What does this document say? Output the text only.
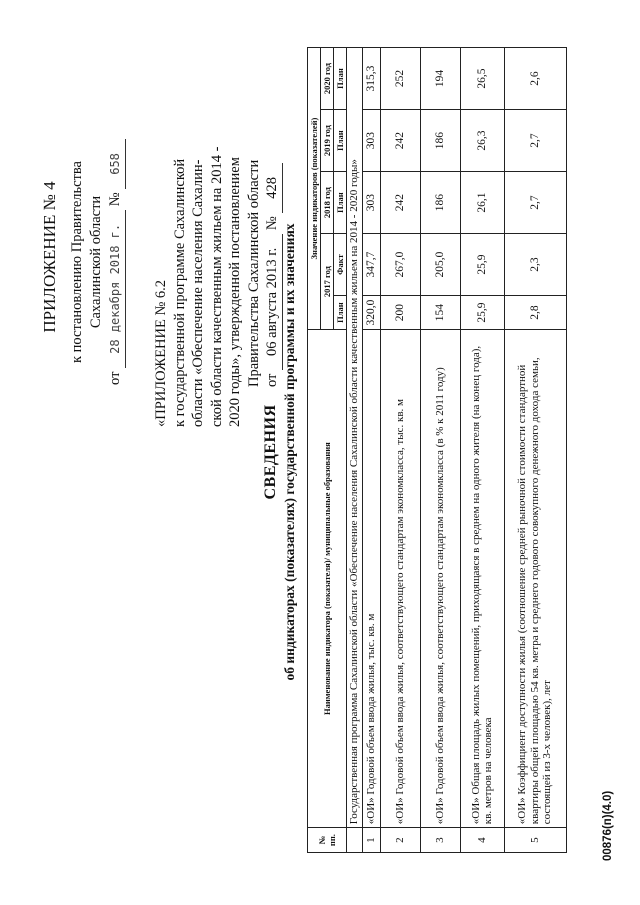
ПРИЛОЖЕНИЕ № 4 к постановлению Правительства Сахалинской области
от 28 декабря 2018 г. № 658
«ПРИЛОЖЕНИЕ № 6.2 к государственной программе Сахалинской области «Обеспечение населения Сахалин- ской области качественным жильем на 2014 - 2020 годы», утвержденной постановлением Правительства Сахалинской области от 06 августа 2013 г. № 428
СВЕДЕНИЯ об индикаторах (показателях) государственной программы и их значениях
№ пп.	Наименование индикатора (показателя)/ муниципальные образования	Значение индикаторов (показателей)				
		2017 год		2018 год	2019 год	2020 год
		План	Факт	План	План	План
	Государственная программа Сахалинской области «Обеспечение населения Сахалинской области качественным жильем на 2014 - 2020 годы»					
1	«ОИ» Годовой объем ввода жилья, тыс. кв. м	320,0	347,7	303	303	315,3
2	«ОИ» Годовой объем ввода жилья, соответствующего стандартам экономкласса, тыс. кв. м	200	267,0	242	242	252
3	«ОИ» Годовой объем ввода жилья, соответствующего стандартам экономкласса (в % к 2011 году)	154	205,0	186	186	194
4	«ОИ» Общая площадь жилых помещений, приходящаяся в среднем на одного жителя (на конец года), кв. метров на человека	25,9	25,9	26,1	26,3	26,5
5	«ОИ» Коэффициент доступности жилья (соотношение средней рыночной стоимости стандартной квартиры общей площадью 54 кв. метра и среднего годового совокупного денежного дохода семьи, состоящей из 3-х человек), лет	2,8	2,3	2,7	2,7	2,6
00876(п)(4.0)
